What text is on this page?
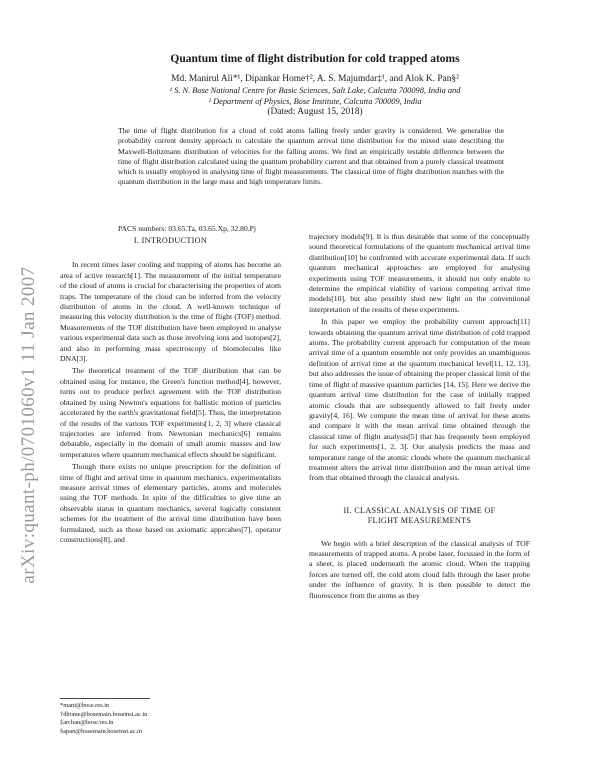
arXiv:quant-ph/0701060v1 11 Jan 2007
Quantum time of flight distribution for cold trapped atoms
Md. Manirul Ali*¹, Dipankar Home†², A. S. Majumdar‡¹, and Alok K. Pan§²
¹ S. N. Bose National Centre for Basic Sciences, Salt Lake, Calcutta 700098, India and
² Department of Physics, Bose Institute, Calcutta 700009, India
(Dated: August 15, 2018)
The time of flight distribution for a cloud of cold atoms falling freely under gravity is considered. We generalise the probability current density approach to calculate the quantum arrival time distribution for the mixed state describing the Maxwell-Boltzmann distribution of velocities for the falling atoms. We find an empirically testable difference between the time of flight distribution calculated using the quantum probability current and that obtained from a purely classical treatment which is usually employed in analysing time of flight measurements. The classical time of flight distribution matches with the quantum distribution in the large mass and high temperature limits.
PACS numbers: 03.65.Ta, 03.65.Xp, 32.80.Pj
I. INTRODUCTION

In recent times laser cooling and trapping of atoms has become an area of active research[1]. The measurement of the initial temperature of the cloud of atoms is crucial for characterising the properties of atom traps. The temperature of the cloud can be inferred from the velocity distribution of atoms in the cloud. A well-known technique of measuring this velocity distribution is the time of flight (TOF) method. Measurements of the TOF distribution have been employed to analyse various experimental data such as those involving ions and isotopes[2], and also in performing mass spectroscopy of biomolecules like DNA[3].

The theoretical treatment of the TOF distribution that can be obtained using for instance, the Green's function method[4], however, turns out to produce perfect agreement with the TOF distribution obtained by using Newton's equations for ballistic motion of particles accelerated by the earth's gravitational field[5]. Thus, the interpretation of the results of the various TOF experiments[1, 2, 3] where classical trajectories are inferred from Newtonian mechanics[6] remains debatable, especially in the domain of small atomic masses and low temperatures where quantum mechanical effects should be significant.

Though there exists no unique prescription for the definition of time of flight and arrival time in quantum mechanics, experimentalists measure arrival times of elementary particles, atoms and molecules using the TOF methods. In spite of the difficulties to give time an observable status in quantum mechanics, several logically consistent schemes for the treatment of the arrival time distribution have been formulated, such as those based on axiomatic apprcahes[7], operator constructions[8], and

trajectory models[9]. It is thus desirable that some of the conceptually sound theoretical formulations of the quantum mechanical arrival time distribution[10] be confronted with accurate experimental data. If such quantum mechanical approaches are employed for analysing experiments using TOF measurements, it should not only enable to determine the empirical viability of various competing arrival time models[10], but also possibly shed new light on the conventional interpretation of the results of these experiments.

In this paper we employ the probability current approach[11] towards obtaining the quantum arrival time distribution of cold trapped atoms. The probability current approach for computation of the mean arrival time of a quantum ensemble not only provides an unambiguous definition of arrival time at the quantum mechanical level[11, 12, 13], but also addresses the issue of obtaining the proper classical limit of the time of flight of massive quantum particles [14, 15]. Here we derive the quantum arrival time distribution for the case of initially trapped atomic clouds that are subsequently allowed to fall freely under gravity[4, 16]. We compute the mean time of arrival for these atoms and compare it with the mean arrival time obtained through the classical time of flight analysis[5] that has frequently been employed for such experiments[1, 2, 3]. Our analysis predicts the mass and temperature range of the atomic clouds where the quantum mechanical treatment alters the arrival time distribution and the mean arrival time from that obtained through the classical analysis.

II. CLASSICAL ANALYSIS OF TIME OF
FLIGHT MEASUREMENTS

We begin with a brief description of the classical analysis of TOF measurements of trapped atoms. A probe laser, focussed in the form of a sheet, is placed underneath the atomic cloud. When the trapping forces are turned off, the cold atom cloud falls through the laser probe under the influence of gravity. It is then possible to detect the fluorescence from the atoms as they

*mani@bose.res.in
†dhome@bosemain.boseinst.ac.in
‡archan@bose.res.in
§apan@bosemain.boseinst.ac.in
